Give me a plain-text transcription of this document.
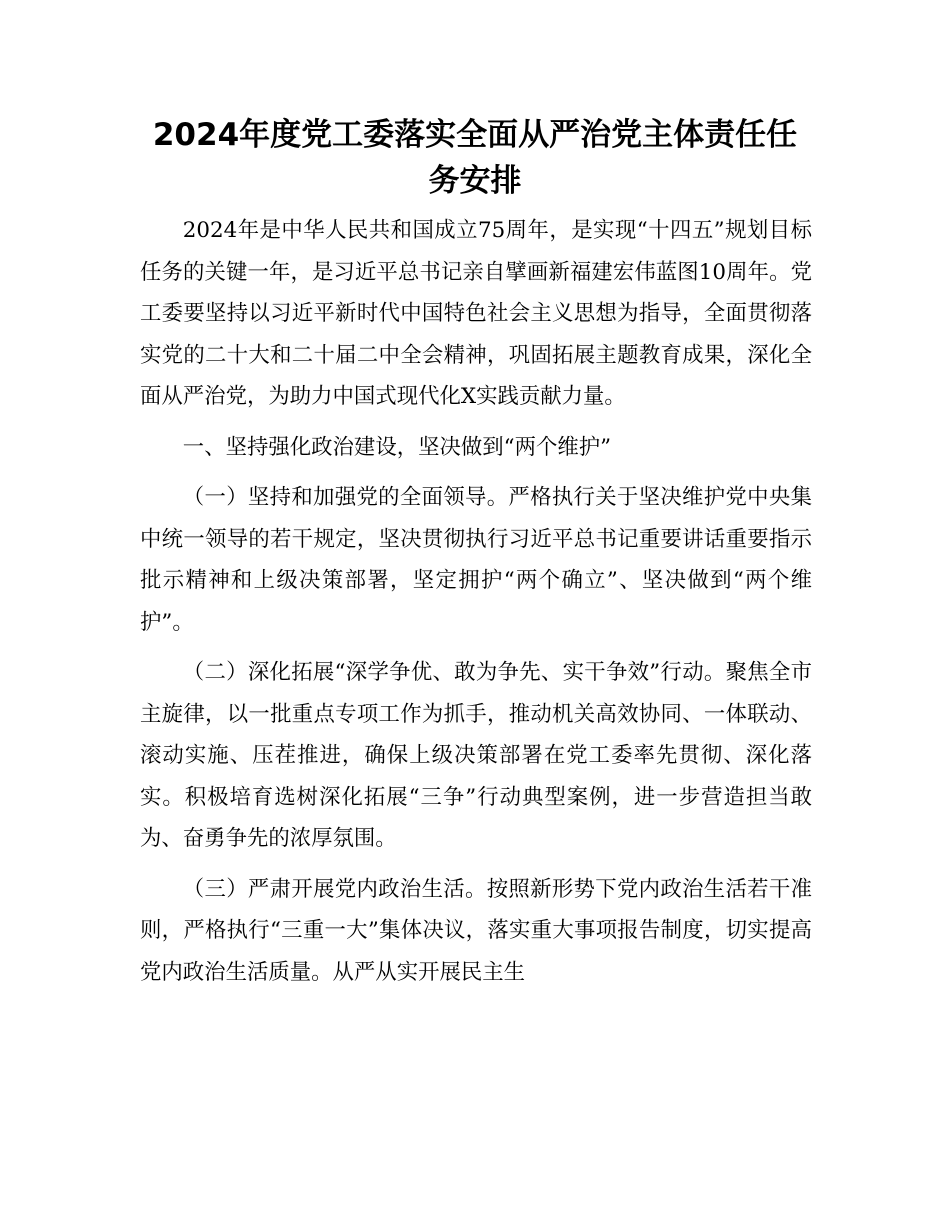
2024年度党工委落实全面从严治党主体责任任
务安排

2024年是中华人民共和国成立75周年，是实现“十四五”规划目标任务的关键一年，是习近平总书记亲自擘画新福建宏伟蓝图10周年。党工委要坚持以习近平新时代中国特色社会主义思想为指导，全面贯彻落实党的二十大和二十届二中全会精神，巩固拓展主题教育成果，深化全面从严治党，为助力中国式现代化X实践贡献力量。

一、坚持强化政治建设，坚决做到“两个维护”

（一）坚持和加强党的全面领导。严格执行关于坚决维护党中央集中统一领导的若干规定，坚决贯彻执行习近平总书记重要讲话重要指示批示精神和上级决策部署，坚定拥护“两个确立”、坚决做到“两个维护”。

（二）深化拓展“深学争优、敢为争先、实干争效”行动。聚焦全市主旋律，以一批重点专项工作为抓手，推动机关高效协同、一体联动、滚动实施、压茬推进，确保上级决策部署在党工委率先贯彻、深化落实。积极培育选树深化拓展“三争”行动典型案例，进一步营造担当敢为、奋勇争先的浓厚氛围。

（三）严肃开展党内政治生活。按照新形势下党内政治生活若干准则，严格执行“三重一大”集体决议，落实重大事项报告制度，切实提高党内政治生活质量。从严从实开展民主生
